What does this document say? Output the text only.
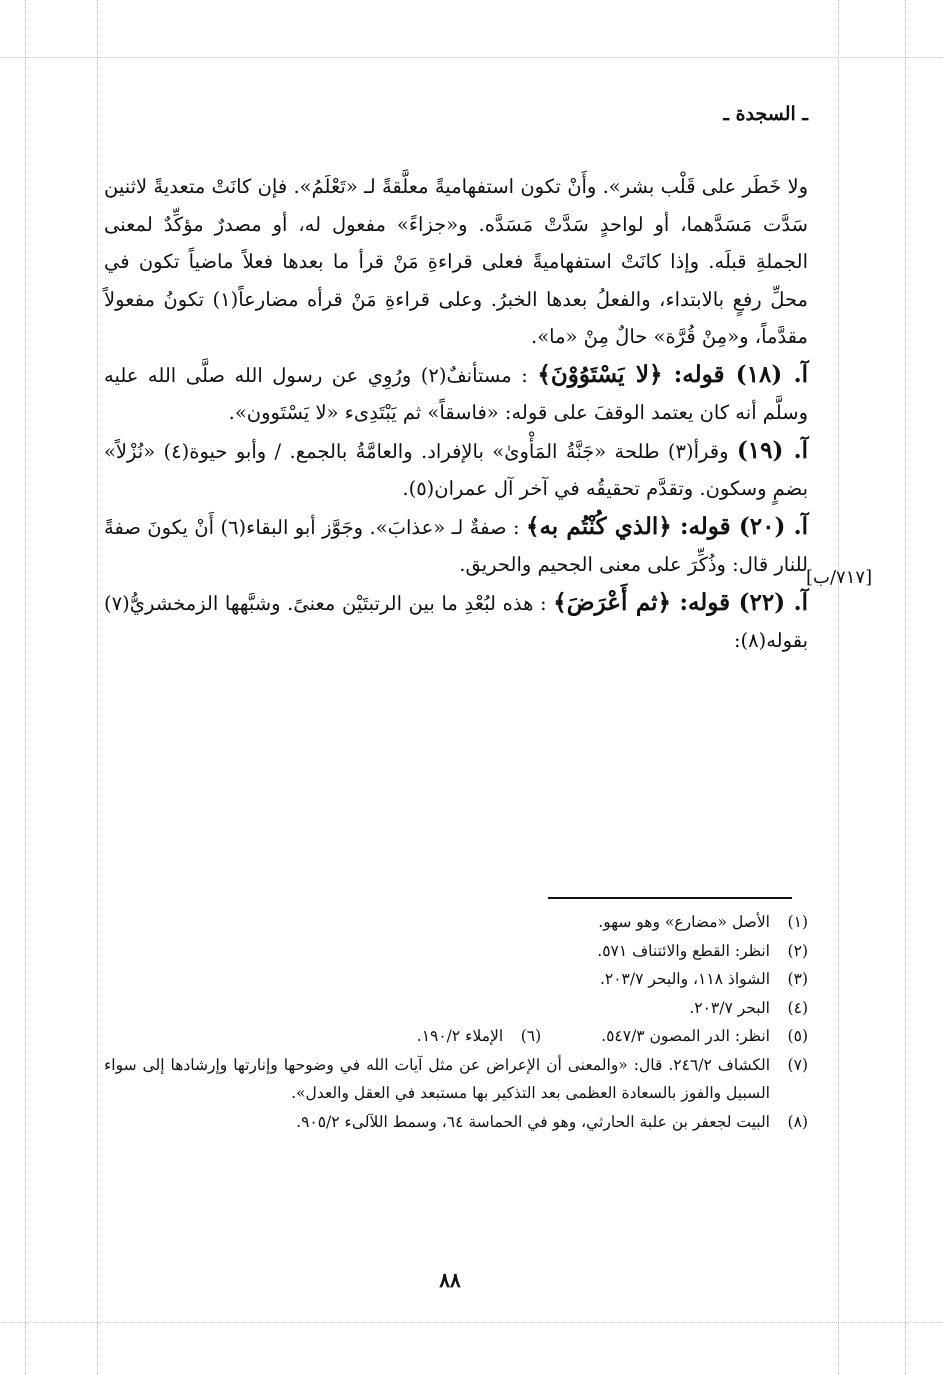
ـ السجدة ـ

ولا خَطَر على قَلْب بشر». وأَنْ تكون استفهاميةً معلَّقةً لـ «تَعْلَمُ». فإن كانَتْ متعديةً لاثنين سَدَّت مَسَدَّهما، أو لواحدٍ سَدَّتْ مَسَدَّه. و«جزاءً» مفعول له، أو مصدرٌ مؤكِّدٌ لمعنى الجملةِ قبلَه. وإذا كانَتْ استفهاميةً فعلى قراءةِ مَنْ قرأ ما بعدها فعلاً ماضياً تكون في محلِّ رفعٍ بالابتداء، والفعلُ بعدها الخبرُ. وعلى قراءةِ مَنْ قرأه مضارعاً(١) تكونُ مفعولاً مقدَّماً، و«مِنْ قُرَّة» حالٌ مِنْ «ما».

آ. (١٨) قوله: ﴿لا يَسْتَوُوْنَ﴾ : مستأنفٌ(٢) ورُوِي عن رسول الله صلَّى الله عليه وسلَّم أنه كان يعتمد الوقفَ على قوله: «فاسقاً» ثم يَبْتَدِىء «لا يَسْتَوون».

آ. (١٩) وقرأ(٣) طلحة «جَنَّةُ المَأْوىٰ» بالإفراد. والعامَّةُ بالجمع. / وأبو حيوة(٤) «نُزْلاً» بضمٍ وسكون. وتقدَّم تحقيقُه في آخر آل عمران(٥).

آ. (٢٠) قوله: ﴿الذي كُنْتُم به﴾ : صفةٌ لـ «عذابَ». وجَوَّز أبو البقاء(٦) أَنْ يكونَ صفةً للنار قال: وذُكِّرَ على معنى الجحيم والحريق.

آ. (٢٢) قوله: ﴿ثم أَعْرَضَ﴾ : هذه لبُعْدِ ما بين الرتبتَيْن معنىً. وشبَّهها الزمخشريُّ(٧) بقوله(٨):

(١)
الأصل «مضارع» وهو سهو.
(٢)
انظر: القطع والائتناف ٥٧١.
(٣)
الشواذ ١١٨، والبحر ٢٠٣/٧.
(٤)
البحر ٢٠٣/٧.
(٥)
انظر: الدر المصون ٥٤٧/٣.
(٦)
الإملاء ١٩٠/٢.
(٧)
الكشاف ٢٤٦/٢. قال: «والمعنى أن الإعراض عن مثل آيات الله في وضوحها وإنارتها وإرشادها إلى سواء السبيل والفوز بالسعادة العظمى بعد التذكير بها مستبعد في العقل والعدل».
(٨)
البيت لجعفر بن علبة الحارثي، وهو في الحماسة ٦٤، وسمط اللآلىء ٩٠٥/٢.
[٧١٧/ب]
٨٨
